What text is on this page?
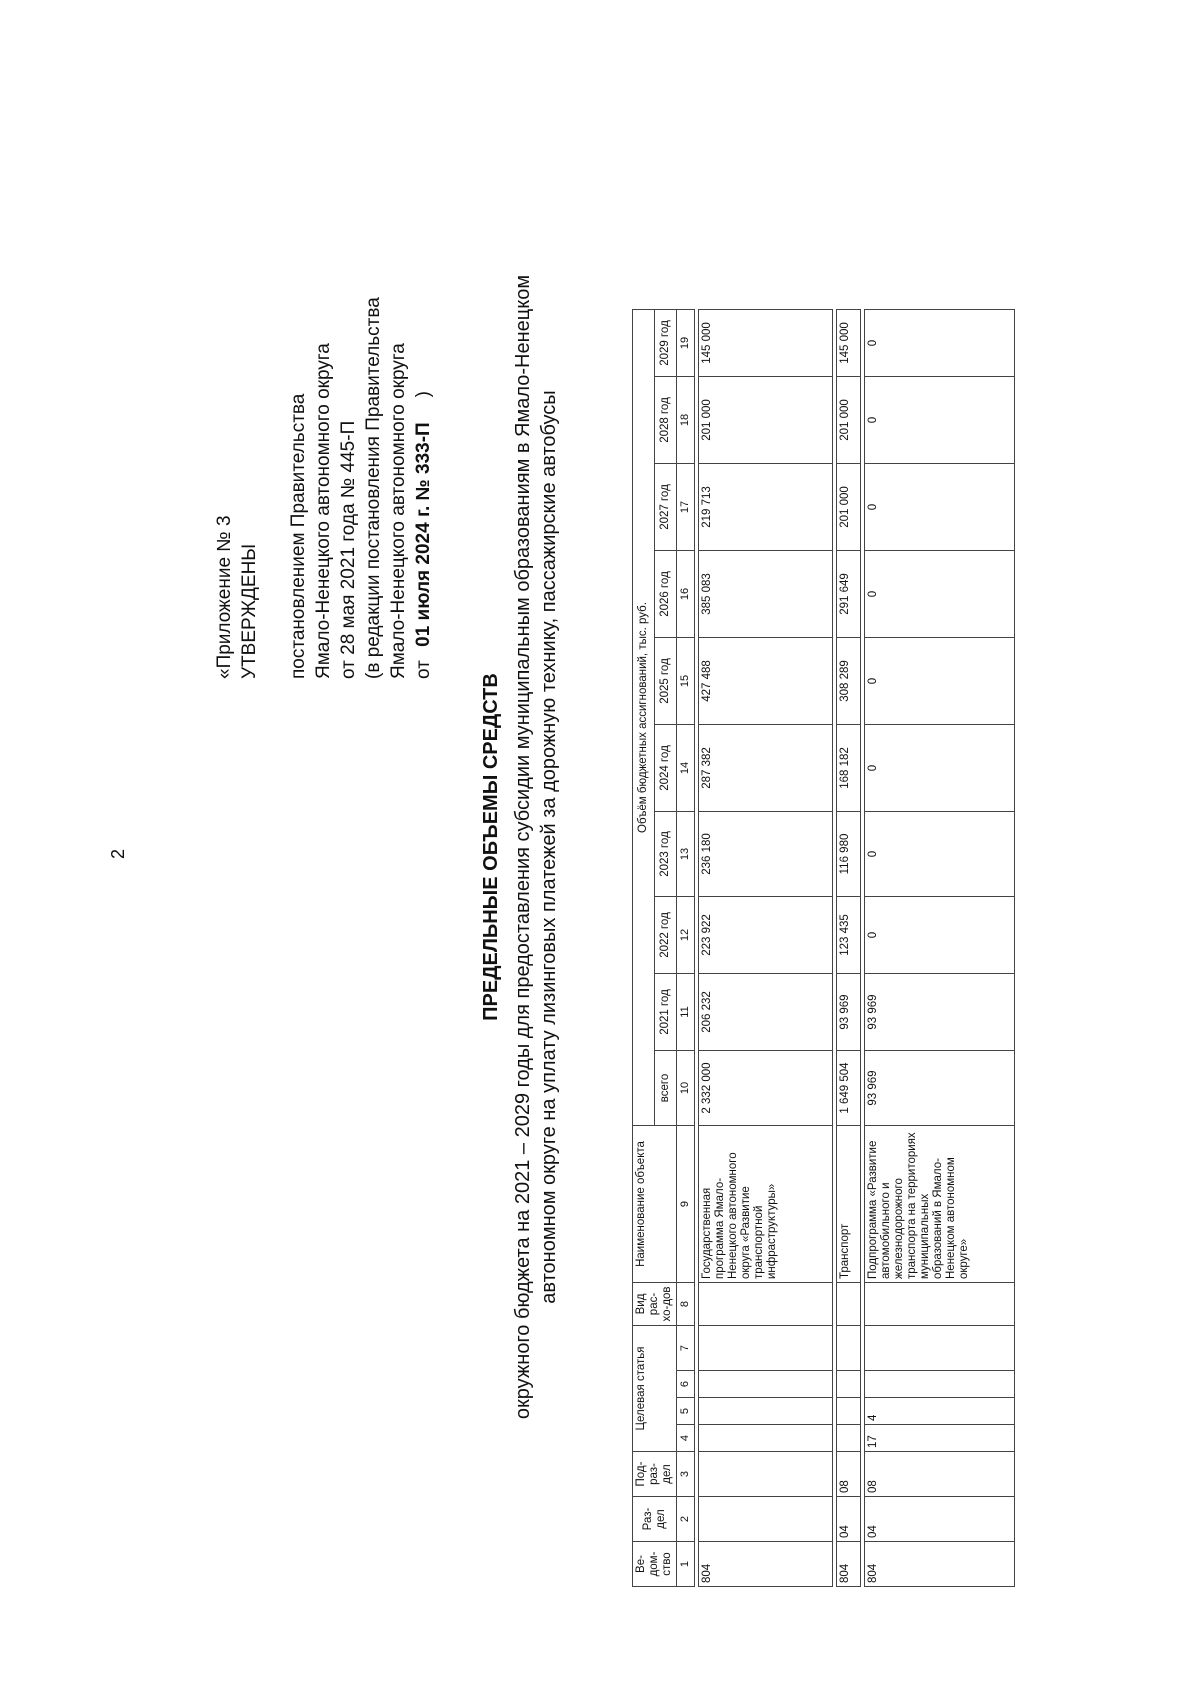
2
«Приложение № 3 УТВЕРЖДЕНЫ постановлением Правительства Ямало-Ненецкого автономного округа от 28 мая 2021 года № 445-П (в редакции постановления Правительства Ямало-Ненецкого автономного округа от 01 июля 2024 г. № 333-П )
ПРЕДЕЛЬНЫЕ ОБЪЕМЫ СРЕДСТВ окружного бюджета на 2021 – 2029 годы для предоставления субсидии муниципальным образованиям в Ямало-Ненецком автономном округе на уплату лизинговых платежей за дорожную технику, пассажирские автобусы
Ве-дом-ство	Раз-дел	Под-раз-дел	Целевая статья				Вид рас-хо-дов	Наименование объекта	Объём бюджетных ассигнований, тыс. руб.									
									всего	2021 год	2022 год	2023 год	2024 год	2025 год	2026 год	2027 год	2028 год	2029 год
1	2	3	4	5	6	7	8	9	10	11	12	13	14	15	16	17	18	19

804								Государственная программа Ямало-Ненецкого автономного округа «Развитие транспортной инфраструктуры»	2 332 000	206 232	223 922	236 180	287 382	427 488	385 083	219 713	201 000	145 000

804	04	08						Транспорт	1 649 504	93 969	123 435	116 980	168 182	308 289	291 649	201 000	201 000	145 000

804	04	08	17	4				Подпрограмма «Развитие автомобильного и железнодорожного транспорта на территориях муниципальных образований в Ямало-Ненецком автономном округе»	93 969	93 969	0	0	0	0	0	0	0	0
